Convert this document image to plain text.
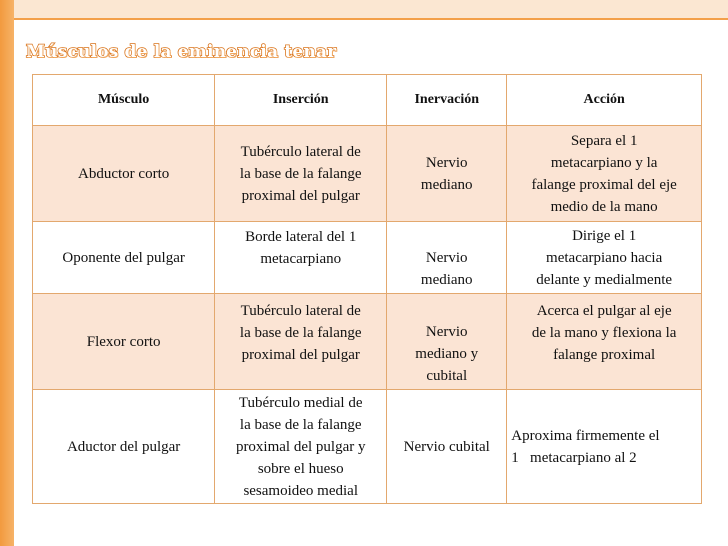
Músculos de la eminencia tenar
Músculo	Inserción	Inervación	Acción
Abductor corto	Tubérculo lateral de
la base de la falange
proximal del pulgar	Nervio
mediano	Separa el 1
metacarpiano y la
falange proximal del eje
medio de la mano

Oponente del pulgar	Borde lateral del 1
metacarpiano	Nervio
mediano	Dirige el 1
metacarpiano hacia
delante y medialmente

Flexor corto	Tubérculo lateral de
la base de la falange
proximal del pulgar	Nervio
mediano y
cubital	Acerca el pulgar al eje
de la mano y flexiona la
falange proximal

Aductor del pulgar	Tubérculo medial de
la base de la falange
proximal del pulgar y
sobre el hueso
sesamoideo medial	Nervio cubital	Aproxima firmemente el
1   metacarpiano al 2
